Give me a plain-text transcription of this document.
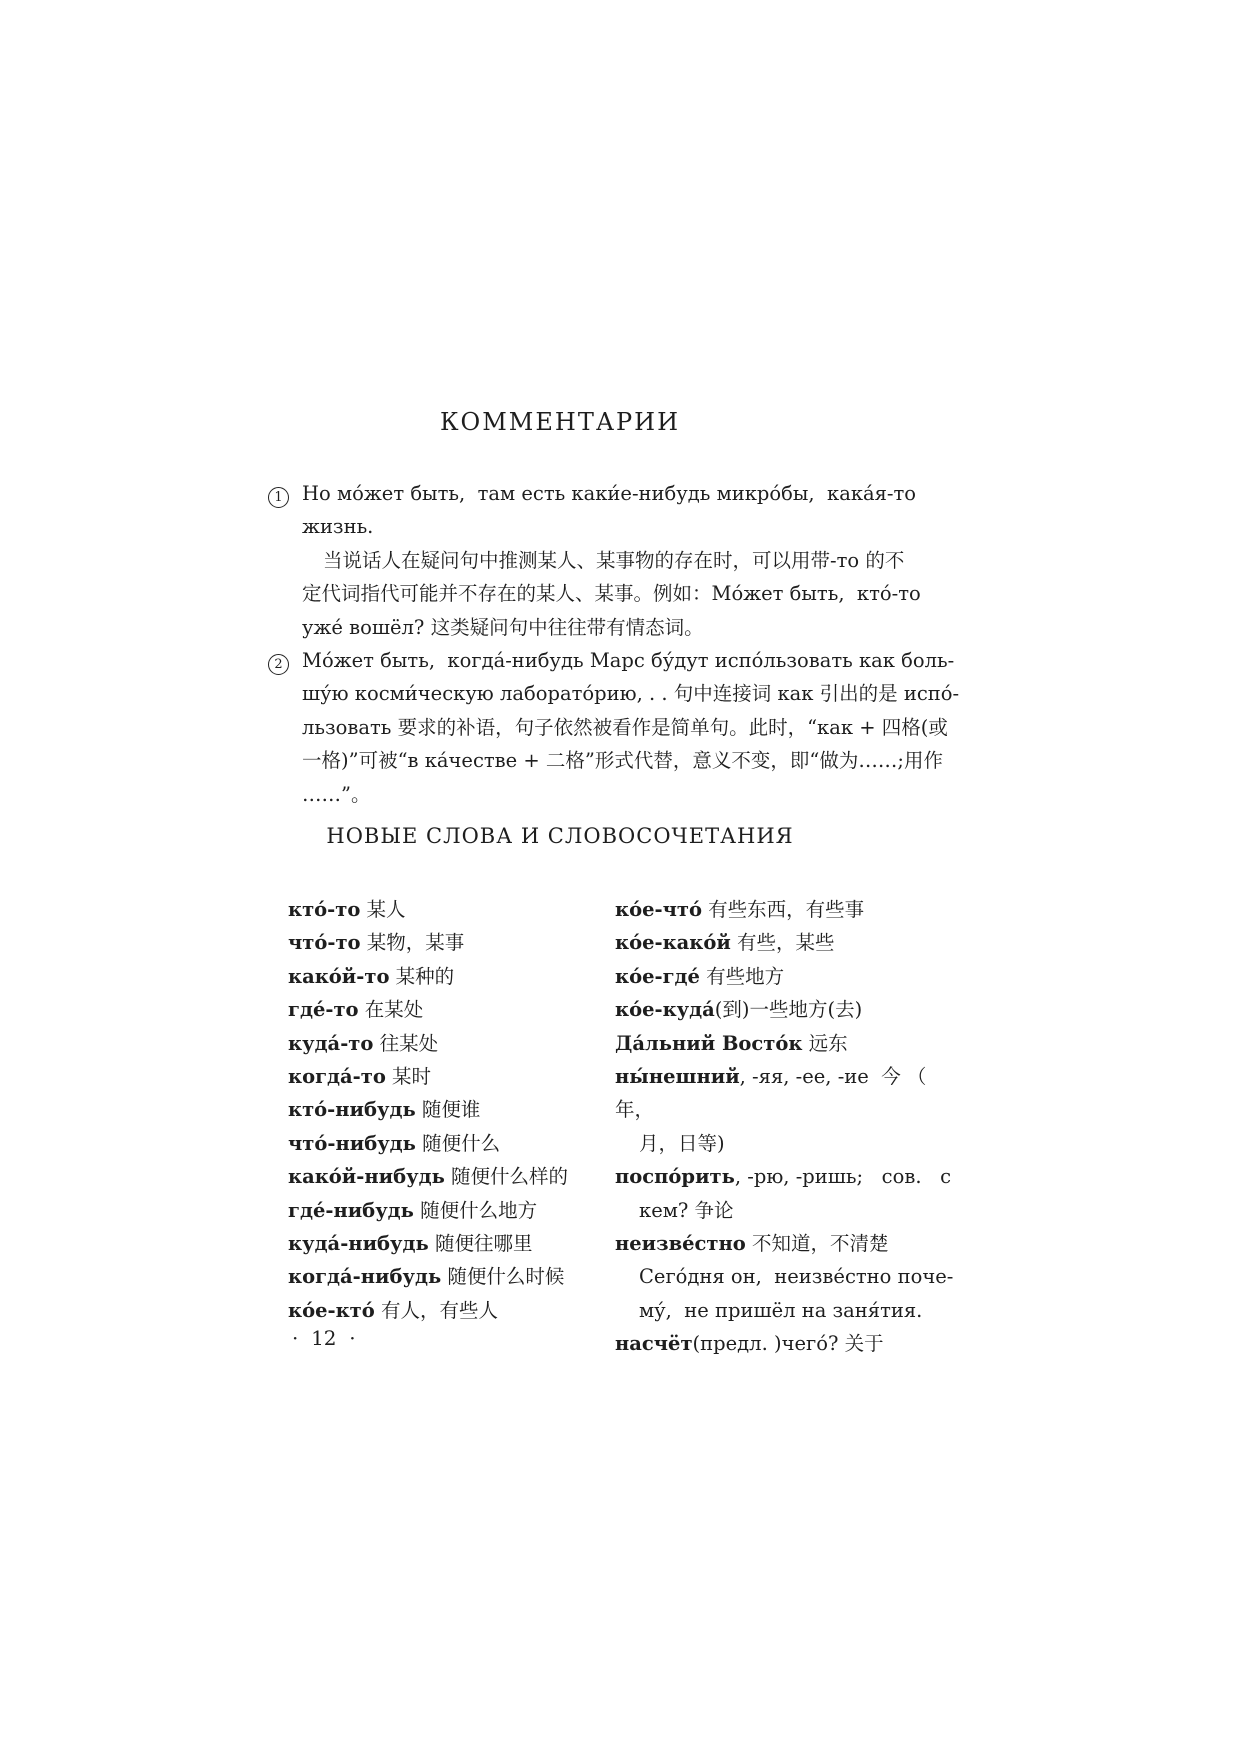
КОММЕНТАРИИ
1 Но мо́жет быть,  там есть каки́е-нибудь микро́бы,  кака́я-то
жизнь.
当说话人在疑问句中推测某人、某事物的存在时，可以用带-то 的不
定代词指代可能并不存在的某人、某事。例如：Мо́жет быть,  кто́-то
уже́ вошёл? 这类疑问句中往往带有情态词。
2 Мо́жет быть,  когда́-нибудь Марс бу́дут испо́льзовать как боль-
шу́ю косми́ческую лаборато́рию, . . 句中连接词 как 引出的是 испо́-
льзовать 要求的补语，句子依然被看作是简单句。此时，“как + 四格(或
一格)”可被“в ка́честве + 二格”形式代替，意义不变，即“做为……;用作
……”。
НОВЫЕ СЛОВА И СЛОВОСОЧЕТАНИЯ
кто́-то 某人
что́-то 某物，某事
како́й-то 某种的
где́-то 在某处
куда́-то 往某处
когда́-то 某时
кто́-нибудь 随便谁
что́-нибудь 随便什么
како́й-нибудь 随便什么样的
где́-нибудь 随便什么地方
куда́-нибудь 随便往哪里
когда́-нибудь 随便什么时候
ко́е-кто́ 有人，有些人
ко́е-что́ 有些东西，有些事
ко́е-како́й 有些，某些
ко́е-где́ 有些地方
ко́е-куда́(到)一些地方(去)
Да́льний Восто́к 远东
ны́нешний, -яя, -ее, -ие  今 （ 年，
月，日等)
поспо́рить, -рю, -ришь;   сов.   с
кем? 争论
неизве́стно 不知道，不清楚
Сего́дня он,  неизве́стно поче-
му́,  не пришёл на заня́тия.
насчёт(предл. )чего́? 关于
·  12  ·
